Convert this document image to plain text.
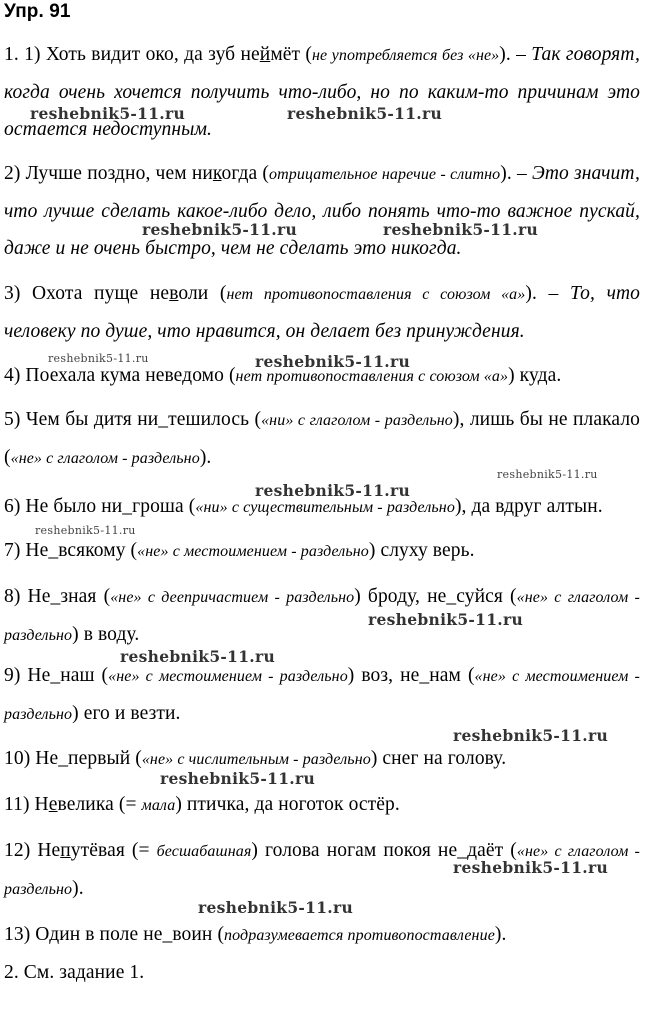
Упр. 91
1. 1) Хоть видит око, да зуб неймёт (не употребляется без «не»). – Так говорят, когда очень хочется получить что-либо, но по каким-то причинам это остается недоступным.
2) Лучше поздно, чем никогда (отрицательное наречие - слитно). – Это значит, что лучше сделать какое-либо дело, либо понять что-то важное пускай, даже и не очень быстро, чем не сделать это никогда.
3) Охота пуще неволи (нет противопоставления с союзом «а»). – То, что человеку по душе, что нравится, он делает без принуждения.
4) Поехала кума неведомо (нет противопоставления с союзом «а») куда.
5) Чем бы дитя ни_тешилось («ни» с глаголом - раздельно), лишь бы не плакало («не» с глаголом - раздельно).
6) Не было ни_гроша («ни» с существительным - раздельно), да вдруг алтын.
7) Не_всякому («не» с местоимением - раздельно) слуху верь.
8) Не_зная («не» с деепричастием - раздельно) броду, не_суйся («не» с глаголом - раздельно) в воду.
9) Не_наш («не» с местоимением - раздельно) воз, не_нам («не» с местоимением - раздельно) его и везти.
10) Не_первый («не» с числительным - раздельно) снег на голову.
11) Невелика (= мала) птичка, да ноготок остёр.
12) Непутёвая (= бесшабашная) голова ногам покоя не_даёт («не» с глаголом - раздельно).
13) Один в поле не_воин (подразумевается противопоставление).
2. См. задание 1.
reshebnik5-11.ru	reshebnik5-11.ru
reshebnik5-11.ru	reshebnik5-11.ru
reshebnik5-11.ru	reshebnik5-11.ru
reshebnik5-11.ru
reshebnik5-11.ru
reshebnik5-11.ru
reshebnik5-11.ru
reshebnik5-11.ru
reshebnik5-11.ru
reshebnik5-11.ru
reshebnik5-11.ru
reshebnik5-11.ru
